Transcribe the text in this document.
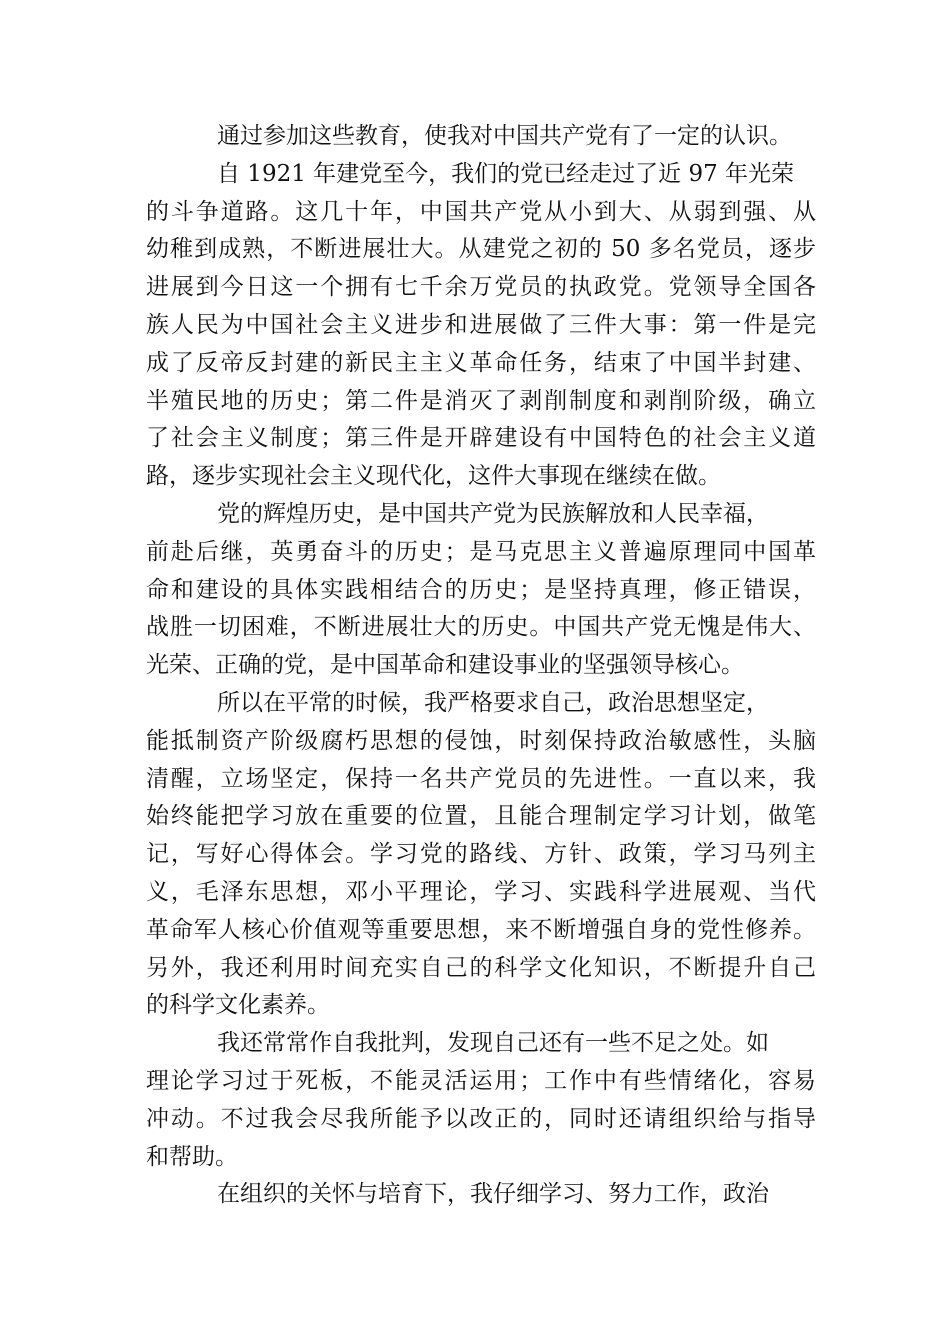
通过参加这些教育，使我对中国共产党有了一定的认识。
自 1921 年建党至今，我们的党已经走过了近 97 年光荣
的斗争道路。这几十年，中国共产党从小到大、从弱到强、从
幼稚到成熟，不断进展壮大。从建党之初的 50 多名党员，逐步
进展到今日这一个拥有七千余万党员的执政党。党领导全国各
族人民为中国社会主义进步和进展做了三件大事：第一件是完
成了反帝反封建的新民主主义革命任务，结束了中国半封建、
半殖民地的历史；第二件是消灭了剥削制度和剥削阶级，确立
了社会主义制度；第三件是开辟建设有中国特色的社会主义道
路，逐步实现社会主义现代化，这件大事现在继续在做。
党的辉煌历史，是中国共产党为民族解放和人民幸福，
前赴后继，英勇奋斗的历史；是马克思主义普遍原理同中国革
命和建设的具体实践相结合的历史；是坚持真理，修正错误，
战胜一切困难，不断进展壮大的历史。中国共产党无愧是伟大、
光荣、正确的党，是中国革命和建设事业的坚强领导核心。
所以在平常的时候，我严格要求自己，政治思想坚定，
能抵制资产阶级腐朽思想的侵蚀，时刻保持政治敏感性，头脑
清醒，立场坚定，保持一名共产党员的先进性。一直以来，我
始终能把学习放在重要的位置，且能合理制定学习计划，做笔
记，写好心得体会。学习党的路线、方针、政策，学习马列主
义，毛泽东思想，邓小平理论，学习、实践科学进展观、当代
革命军人核心价值观等重要思想，来不断增强自身的党性修养。
另外，我还利用时间充实自己的科学文化知识，不断提升自己
的科学文化素养。
我还常常作自我批判，发现自己还有一些不足之处。如
理论学习过于死板，不能灵活运用；工作中有些情绪化，容易
冲动。不过我会尽我所能予以改正的，同时还请组织给与指导
和帮助。
在组织的关怀与培育下，我仔细学习、努力工作，政治
